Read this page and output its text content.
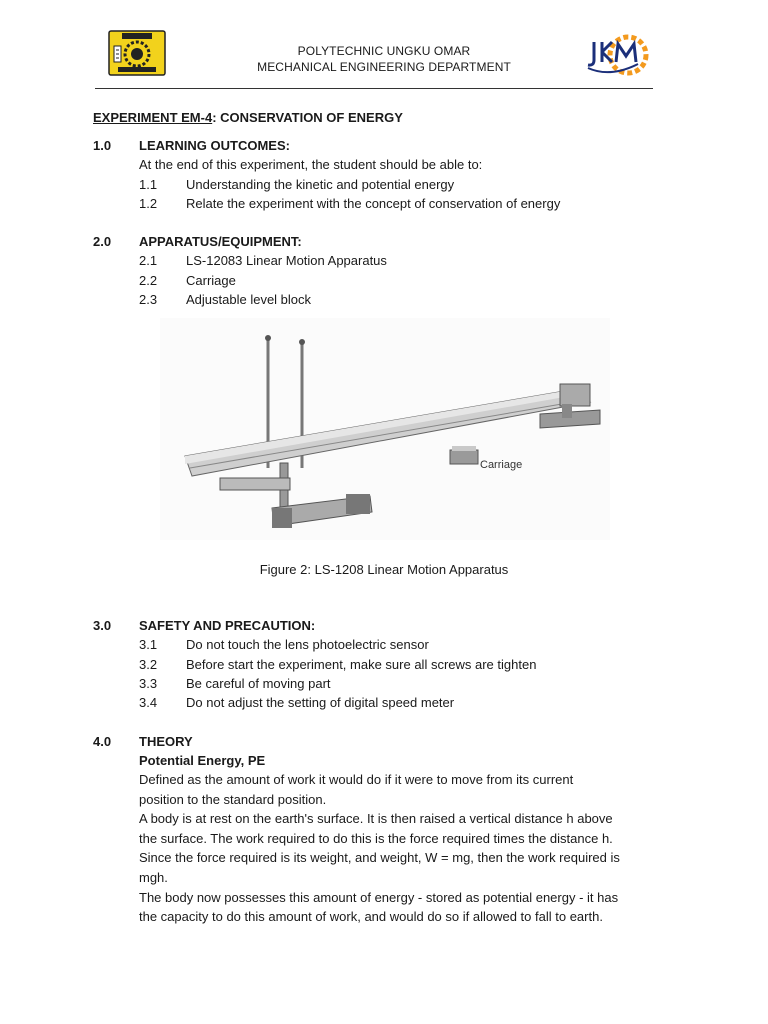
POLYTECHNIC UNGKU OMAR
MECHANICAL ENGINEERING DEPARTMENT
EXPERIMENT EM-4: CONSERVATION OF ENERGY
1.0 LEARNING OUTCOMES:
At the end of this experiment, the student should be able to:
1.1 Understanding the kinetic and potential energy
1.2 Relate the experiment with the concept of conservation of energy
2.0 APPARATUS/EQUIPMENT:
2.1 LS-12083 Linear Motion Apparatus
2.2 Carriage
2.3 Adjustable level block
Carriage
Figure 2: LS-1208 Linear Motion Apparatus
3.0 SAFETY AND PRECAUTION:
3.1 Do not touch the lens photoelectric sensor
3.2 Before start the experiment, make sure all screws are tighten
3.3 Be careful of moving part
3.4 Do not adjust the setting of digital speed meter
4.0 THEORY
Potential Energy, PE
Defined as the amount of work it would do if it were to move from its current
position to the standard position.
A body is at rest on the earth's surface. It is then raised a vertical distance h above
the surface. The work required to do this is the force required times the distance h.
Since the force required is its weight, and weight, W = mg, then the work required is
mgh.
The body now possesses this amount of energy - stored as potential energy - it has
the capacity to do this amount of work, and would do so if allowed to fall to earth.
